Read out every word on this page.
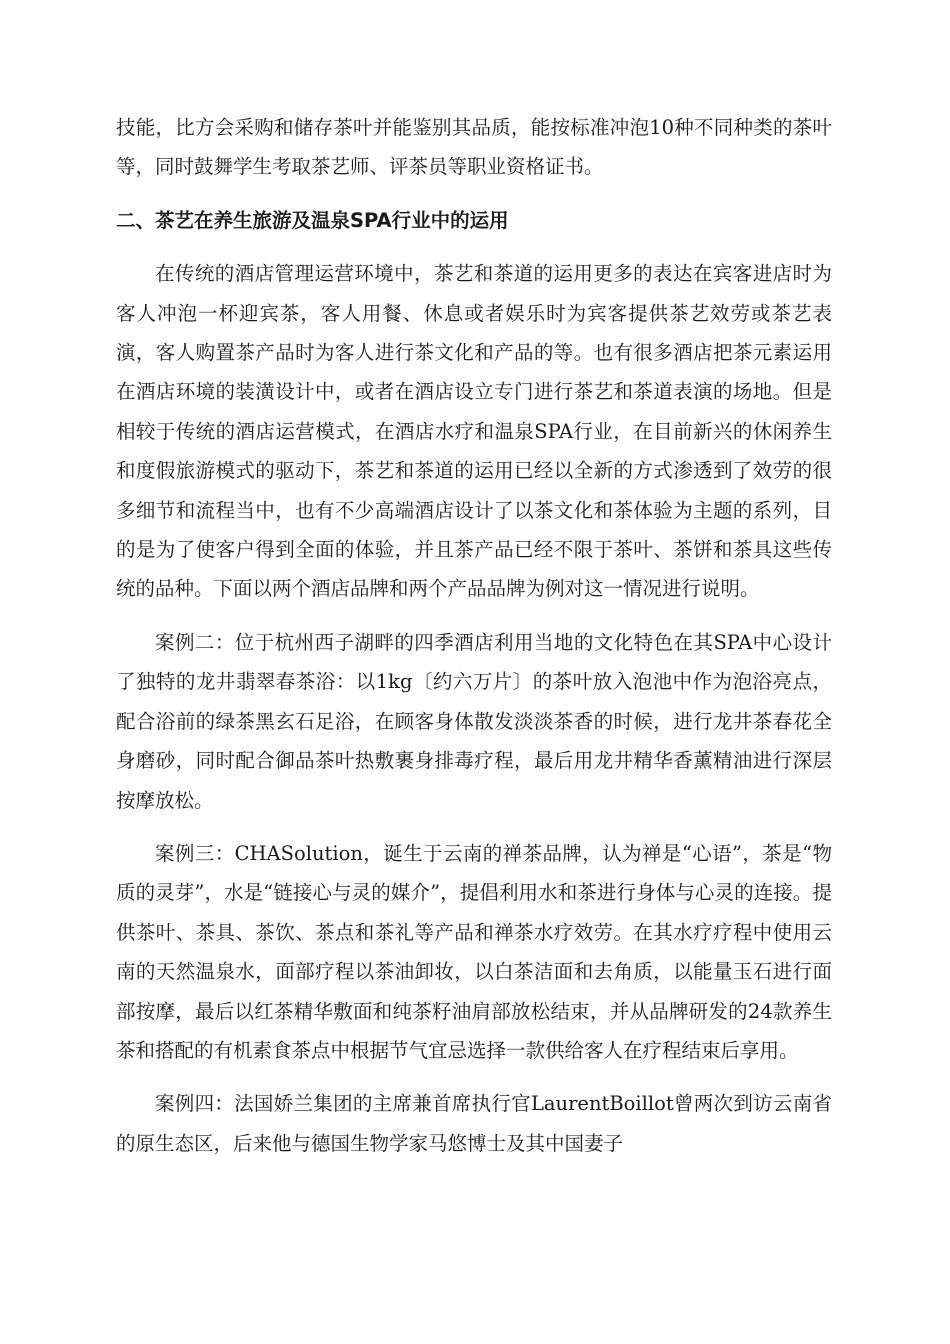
技能，比方会采购和储存茶叶并能鉴别其品质，能按标准冲泡10种不同种类的茶叶等，同时鼓舞学生考取茶艺师、评茶员等职业资格证书。

二、茶艺在养生旅游及温泉SPA行业中的运用

在传统的酒店管理运营环境中，茶艺和茶道的运用更多的表达在宾客进店时为客人冲泡一杯迎宾茶，客人用餐、休息或者娱乐时为宾客提供茶艺效劳或茶艺表演，客人购置茶产品时为客人进行茶文化和产品的等。也有很多酒店把茶元素运用在酒店环境的装潢设计中，或者在酒店设立专门进行茶艺和茶道表演的场地。但是相较于传统的酒店运营模式，在酒店水疗和温泉SPA行业，在目前新兴的休闲养生和度假旅游模式的驱动下，茶艺和茶道的运用已经以全新的方式渗透到了效劳的很多细节和流程当中，也有不少高端酒店设计了以茶文化和茶体验为主题的系列，目的是为了使客户得到全面的体验，并且茶产品已经不限于茶叶、茶饼和茶具这些传统的品种。下面以两个酒店品牌和两个产品品牌为例对这一情况进行说明。

案例二：位于杭州西子湖畔的四季酒店利用当地的文化特色在其SPA中心设计了独特的龙井翡翠春茶浴：以1kg〔约六万片〕的茶叶放入泡池中作为泡浴亮点，配合浴前的绿茶黑玄石足浴，在顾客身体散发淡淡茶香的时候，进行龙井茶春花全身磨砂，同时配合御品茶叶热敷裹身排毒疗程，最后用龙井精华香薰精油进行深层按摩放松。

案例三：CHASolution，诞生于云南的禅茶品牌，认为禅是“心语”，茶是“物质的灵芽”，水是“链接心与灵的媒介”，提倡利用水和茶进行身体与心灵的连接。提供茶叶、茶具、茶饮、茶点和茶礼等产品和禅茶水疗效劳。在其水疗疗程中使用云南的天然温泉水，面部疗程以茶油卸妆，以白茶洁面和去角质，以能量玉石进行面部按摩，最后以红茶精华敷面和纯茶籽油肩部放松结束，并从品牌研发的24款养生茶和搭配的有机素食茶点中根据节气宜忌选择一款供给客人在疗程结束后享用。

案例四：法国娇兰集团的主席兼首席执行官LaurentBoillot曾两次到访云南省的原生态区，后来他与德国生物学家马悠博士及其中国妻子
